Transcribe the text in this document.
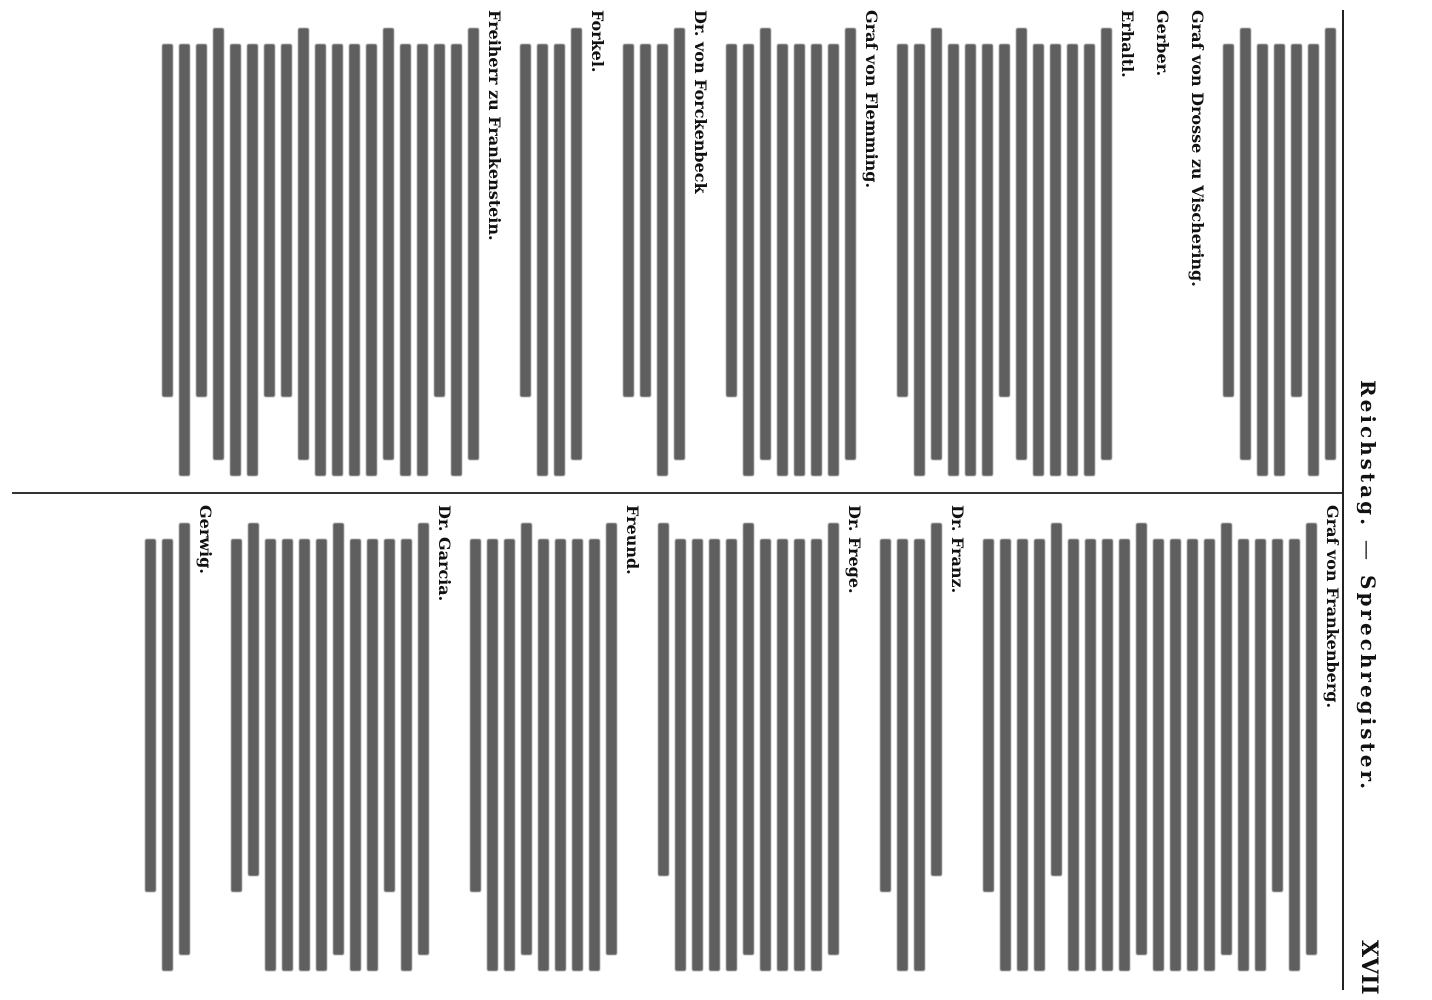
Reichstag.
—
Sprechregister.
XVII
Graf von Drosse zu Vischering.
Gerber.
Erhaltl.
Graf von Flemming.
Dr. von Forckenbeck
Forkel.
Freiherr zu Frankenstein.
Graf von Frankenberg.
Dr. Franz.
Dr. Frege.
Freund.
Dr. Garcia.
Gerwig.
